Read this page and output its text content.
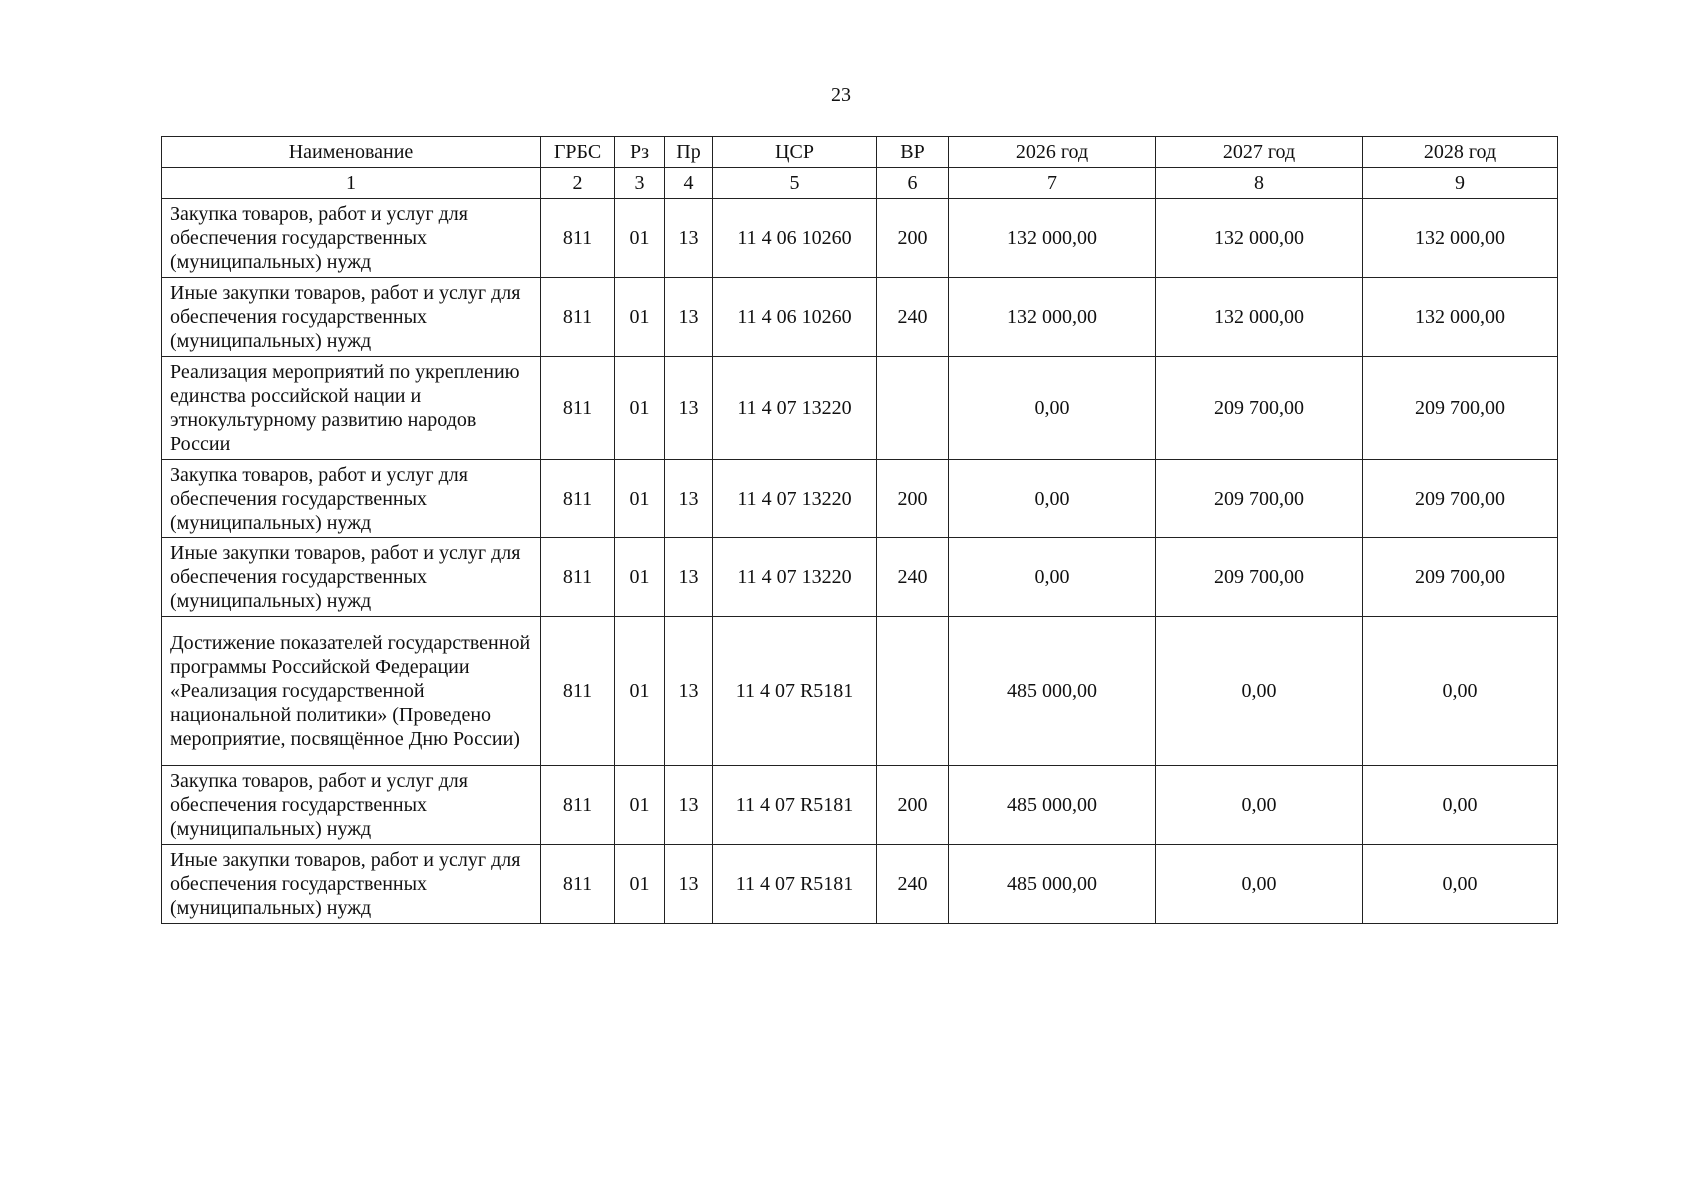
23
Наименование	ГРБС	Рз	Пр	ЦСР	ВР	2026 год	2027 год	2028 год
1	2	3	4	5	6	7	8	9
Закупка товаров, работ и услуг для обеспечения государственных (муниципальных) нужд	811	01	13	11 4 06 10260	200	132 000,00	132 000,00	132 000,00
Иные закупки товаров, работ и услуг для обеспечения государственных (муниципальных) нужд	811	01	13	11 4 06 10260	240	132 000,00	132 000,00	132 000,00
Реализация мероприятий по укреплению единства российской нации и этнокультурному развитию народов России	811	01	13	11 4 07 13220		0,00	209 700,00	209 700,00
Закупка товаров, работ и услуг для обеспечения государственных (муниципальных) нужд	811	01	13	11 4 07 13220	200	0,00	209 700,00	209 700,00
Иные закупки товаров, работ и услуг для обеспечения государственных (муниципальных) нужд	811	01	13	11 4 07 13220	240	0,00	209 700,00	209 700,00
Достижение показателей государственной программы Российской Федерации «Реализация государственной национальной политики» (Проведено мероприятие, посвящённое Дню России)	811	01	13	11 4 07 R5181		485 000,00	0,00	0,00
Закупка товаров, работ и услуг для обеспечения государственных (муниципальных) нужд	811	01	13	11 4 07 R5181	200	485 000,00	0,00	0,00
Иные закупки товаров, работ и услуг для обеспечения государственных (муниципальных) нужд	811	01	13	11 4 07 R5181	240	485 000,00	0,00	0,00
